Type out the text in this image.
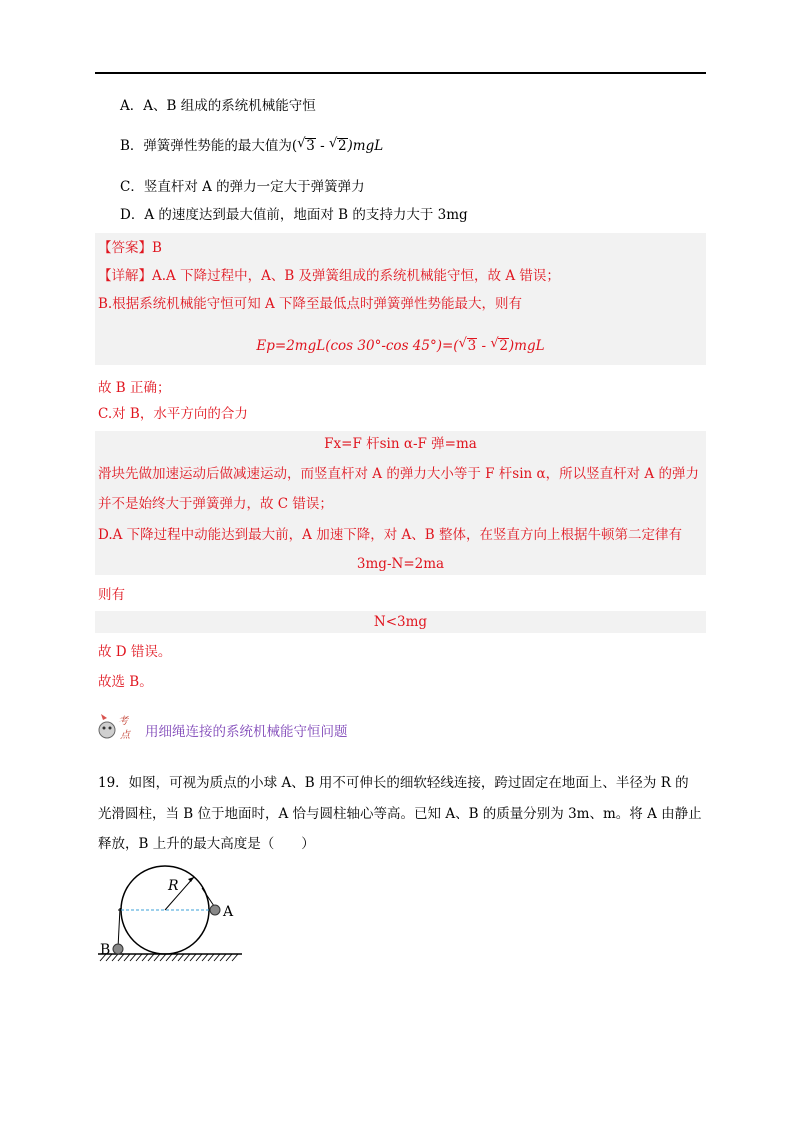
A．A、B 组成的系统机械能守恒
B．弹簧弹性势能的最大值为( √ 3 - √ 2)mgL
C．竖直杆对 A 的弹力一定大于弹簧弹力
D．A 的速度达到最大值前，地面对 B 的支持力大于 3mg
【答案】B
【详解】A.A 下降过程中，A、B 及弹簧组成的系统机械能守恒，故 A 错误；
B.根据系统机械能守恒可知 A 下降至最低点时弹簧弹性势能最大，则有
Ep=2mgL(cos 30°-cos 45°)=( √ 3 - √ 2)mgL
故 B 正确；
C.对 B，水平方向的合力
Fx=F 杆sin α-F 弹=ma
滑块先做加速运动后做减速运动，而竖直杆对 A 的弹力大小等于 F 杆sin α，所以竖直杆对 A 的弹力
并不是始终大于弹簧弹力，故 C 错误；
D.A 下降过程中动能达到最大前，A 加速下降，对 A、B 整体，在竖直方向上根据牛顿第二定律有
3mg-N=2ma
则有
N<3mg
故 D 错误。
故选 B。
考
点 用细绳连接的系统机械能守恒问题
19．如图，可视为质点的小球 A、B 用不可伸长的细软轻线连接，跨过固定在地面上、半径为 R 的
光滑圆柱，当 B 位于地面时，A 恰与圆柱轴心等高。已知 A、B 的质量分别为 3m、m。将 A 由静止
释放，B 上升的最大高度是（　　）
R
A
B
